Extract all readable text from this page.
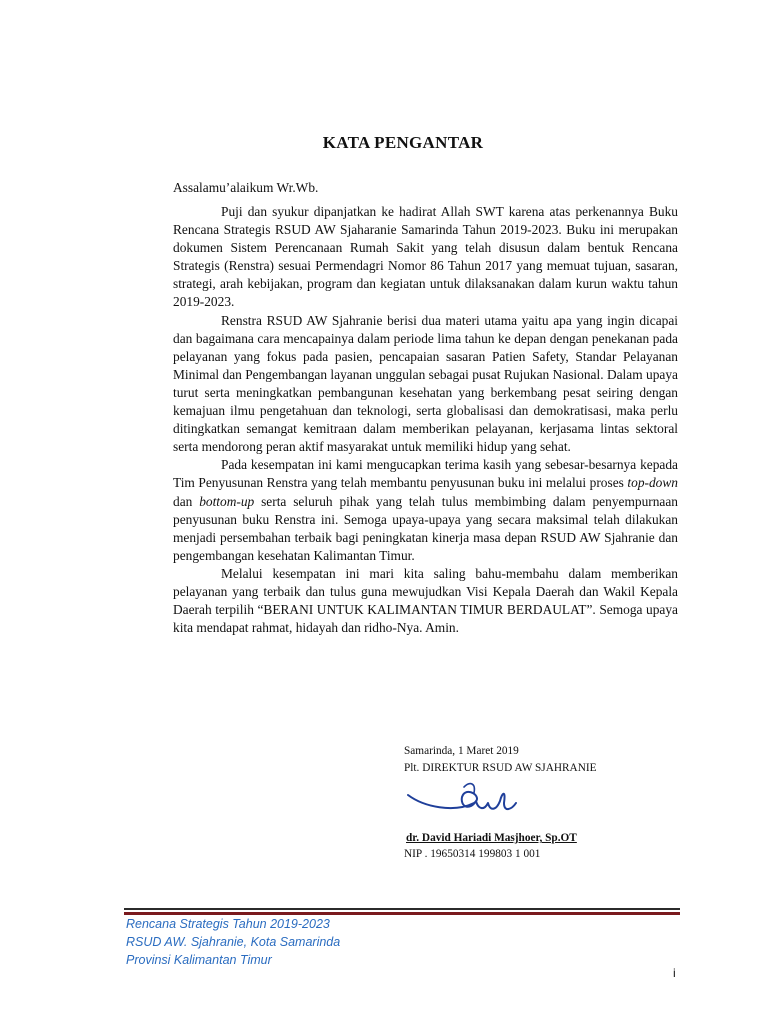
KATA PENGANTAR
Assalamu’alaikum Wr.Wb.

Puji dan syukur dipanjatkan ke hadirat Allah SWT karena atas perkenannya Buku Rencana Strategis RSUD AW Sjaharanie Samarinda Tahun 2019-2023. Buku ini merupakan dokumen Sistem Perencanaan Rumah Sakit yang telah disusun dalam bentuk Rencana Strategis (Renstra) sesuai Permendagri Nomor 86 Tahun 2017 yang memuat tujuan, sasaran, strategi, arah kebijakan, program dan kegiatan untuk dilaksanakan dalam kurun waktu tahun 2019-2023.

Renstra RSUD AW Sjahranie berisi dua materi utama yaitu apa yang ingin dicapai dan bagaimana cara mencapainya dalam periode lima tahun ke depan dengan penekanan pada pelayanan yang fokus pada pasien, pencapaian sasaran Patien Safety, Standar Pelayanan Minimal dan Pengembangan layanan unggulan sebagai pusat Rujukan Nasional. Dalam upaya turut serta meningkatkan pembangunan kesehatan yang berkembang pesat seiring dengan kemajuan ilmu pengetahuan dan teknologi, serta globalisasi dan demokratisasi, maka perlu ditingkatkan semangat kemitraan dalam memberikan pelayanan, kerjasama lintas sektoral serta mendorong peran aktif masyarakat untuk memiliki hidup yang sehat.

Pada kesempatan ini kami mengucapkan terima kasih yang sebesar-besarnya kepada Tim Penyusunan Renstra yang telah membantu penyusunan buku ini melalui proses top-down dan bottom-up serta seluruh pihak yang telah tulus membimbing dalam penyempurnaan penyusunan buku Renstra ini. Semoga upaya-upaya yang secara maksimal telah dilakukan menjadi persembahan terbaik bagi peningkatan kinerja masa depan RSUD AW Sjahranie dan pengembangan kesehatan Kalimantan Timur.

Melalui kesempatan ini mari kita saling bahu-membahu dalam memberikan pelayanan yang terbaik dan tulus guna mewujudkan Visi Kepala Daerah dan Wakil Kepala Daerah terpilih “BERANI UNTUK KALIMANTAN TIMUR BERDAULAT”. Semoga upaya kita mendapat rahmat, hidayah dan ridho-Nya. Amin.

Samarinda, 1 Maret 2019
Plt. DIREKTUR RSUD AW SJAHRANIE
dr. David Hariadi Masjhoer, Sp.OT
NIP . 19650314 199803 1 001
Rencana Strategis Tahun 2019-2023
RSUD AW. Sjahranie, Kota Samarinda
Provinsi Kalimantan Timur
i
